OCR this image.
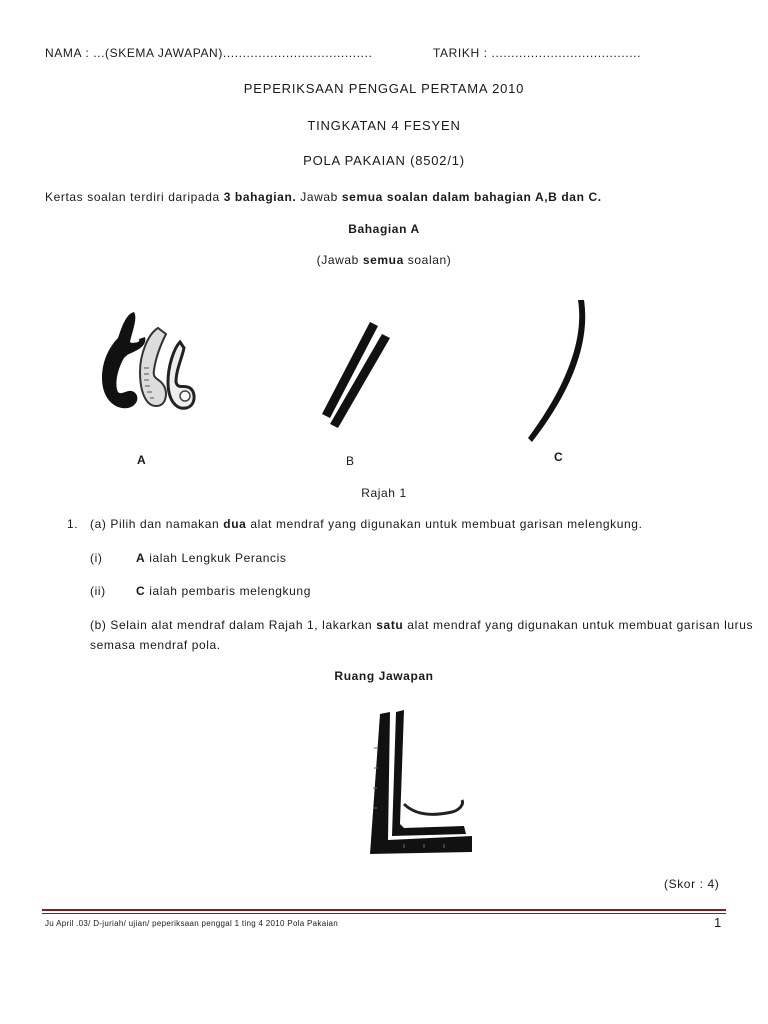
NAMA : ...(SKEMA JAWAPAN)......................................	TARIKH : ......................................
PEPERIKSAAN PENGGAL PERTAMA 2010
TINGKATAN 4 FESYEN
POLA PAKAIAN (8502/1)
Kertas soalan terdiri daripada 3 bahagian. Jawab semua soalan dalam bahagian A,B dan C.
Bahagian A
(Jawab semua soalan)
A	B	C
Rajah 1
1. (a) Pilih dan namakan dua alat mendraf yang digunakan untuk membuat garisan melengkung.
(i)	A ialah Lengkuk Perancis
(ii)	C ialah pembaris melengkung
(b) Selain alat mendraf dalam Rajah 1, lakarkan satu alat mendraf yang digunakan untuk membuat garisan lurus
semasa mendraf pola.
Ruang Jawapan
(Skor : 4)
Ju April .03/ D-juriah/ ujian/ peperiksaan penggal 1 ting 4 2010 Pola Pakaian	1
